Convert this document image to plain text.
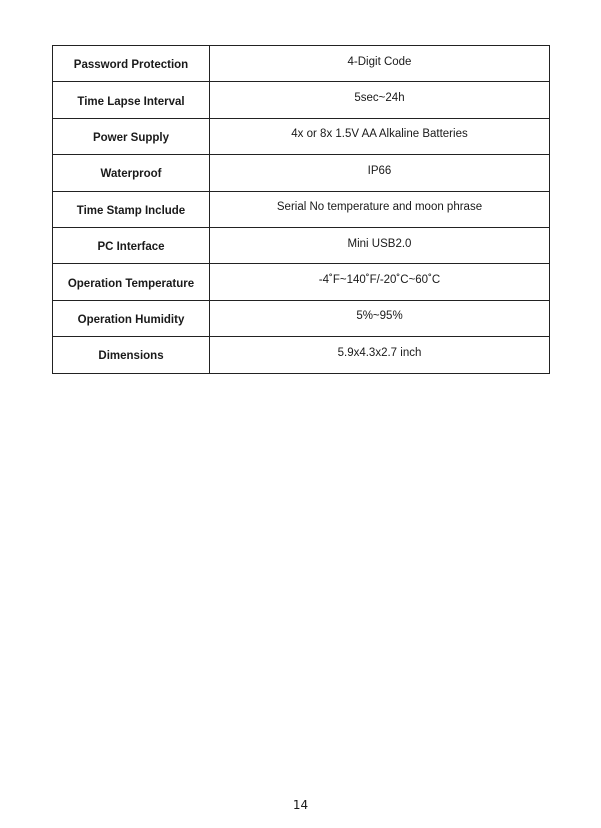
Password Protection	4-Digit Code
Time Lapse Interval	5sec~24h
Power Supply	4x or 8x 1.5V AA Alkaline Batteries
Waterproof	IP66
Time Stamp Include	Serial No temperature and moon phrase
PC Interface	Mini USB2.0
Operation Temperature	-4˚F~140˚F/-20˚C~60˚C
Operation Humidity	5%~95%
Dimensions	5.9x4.3x2.7 inch
14
